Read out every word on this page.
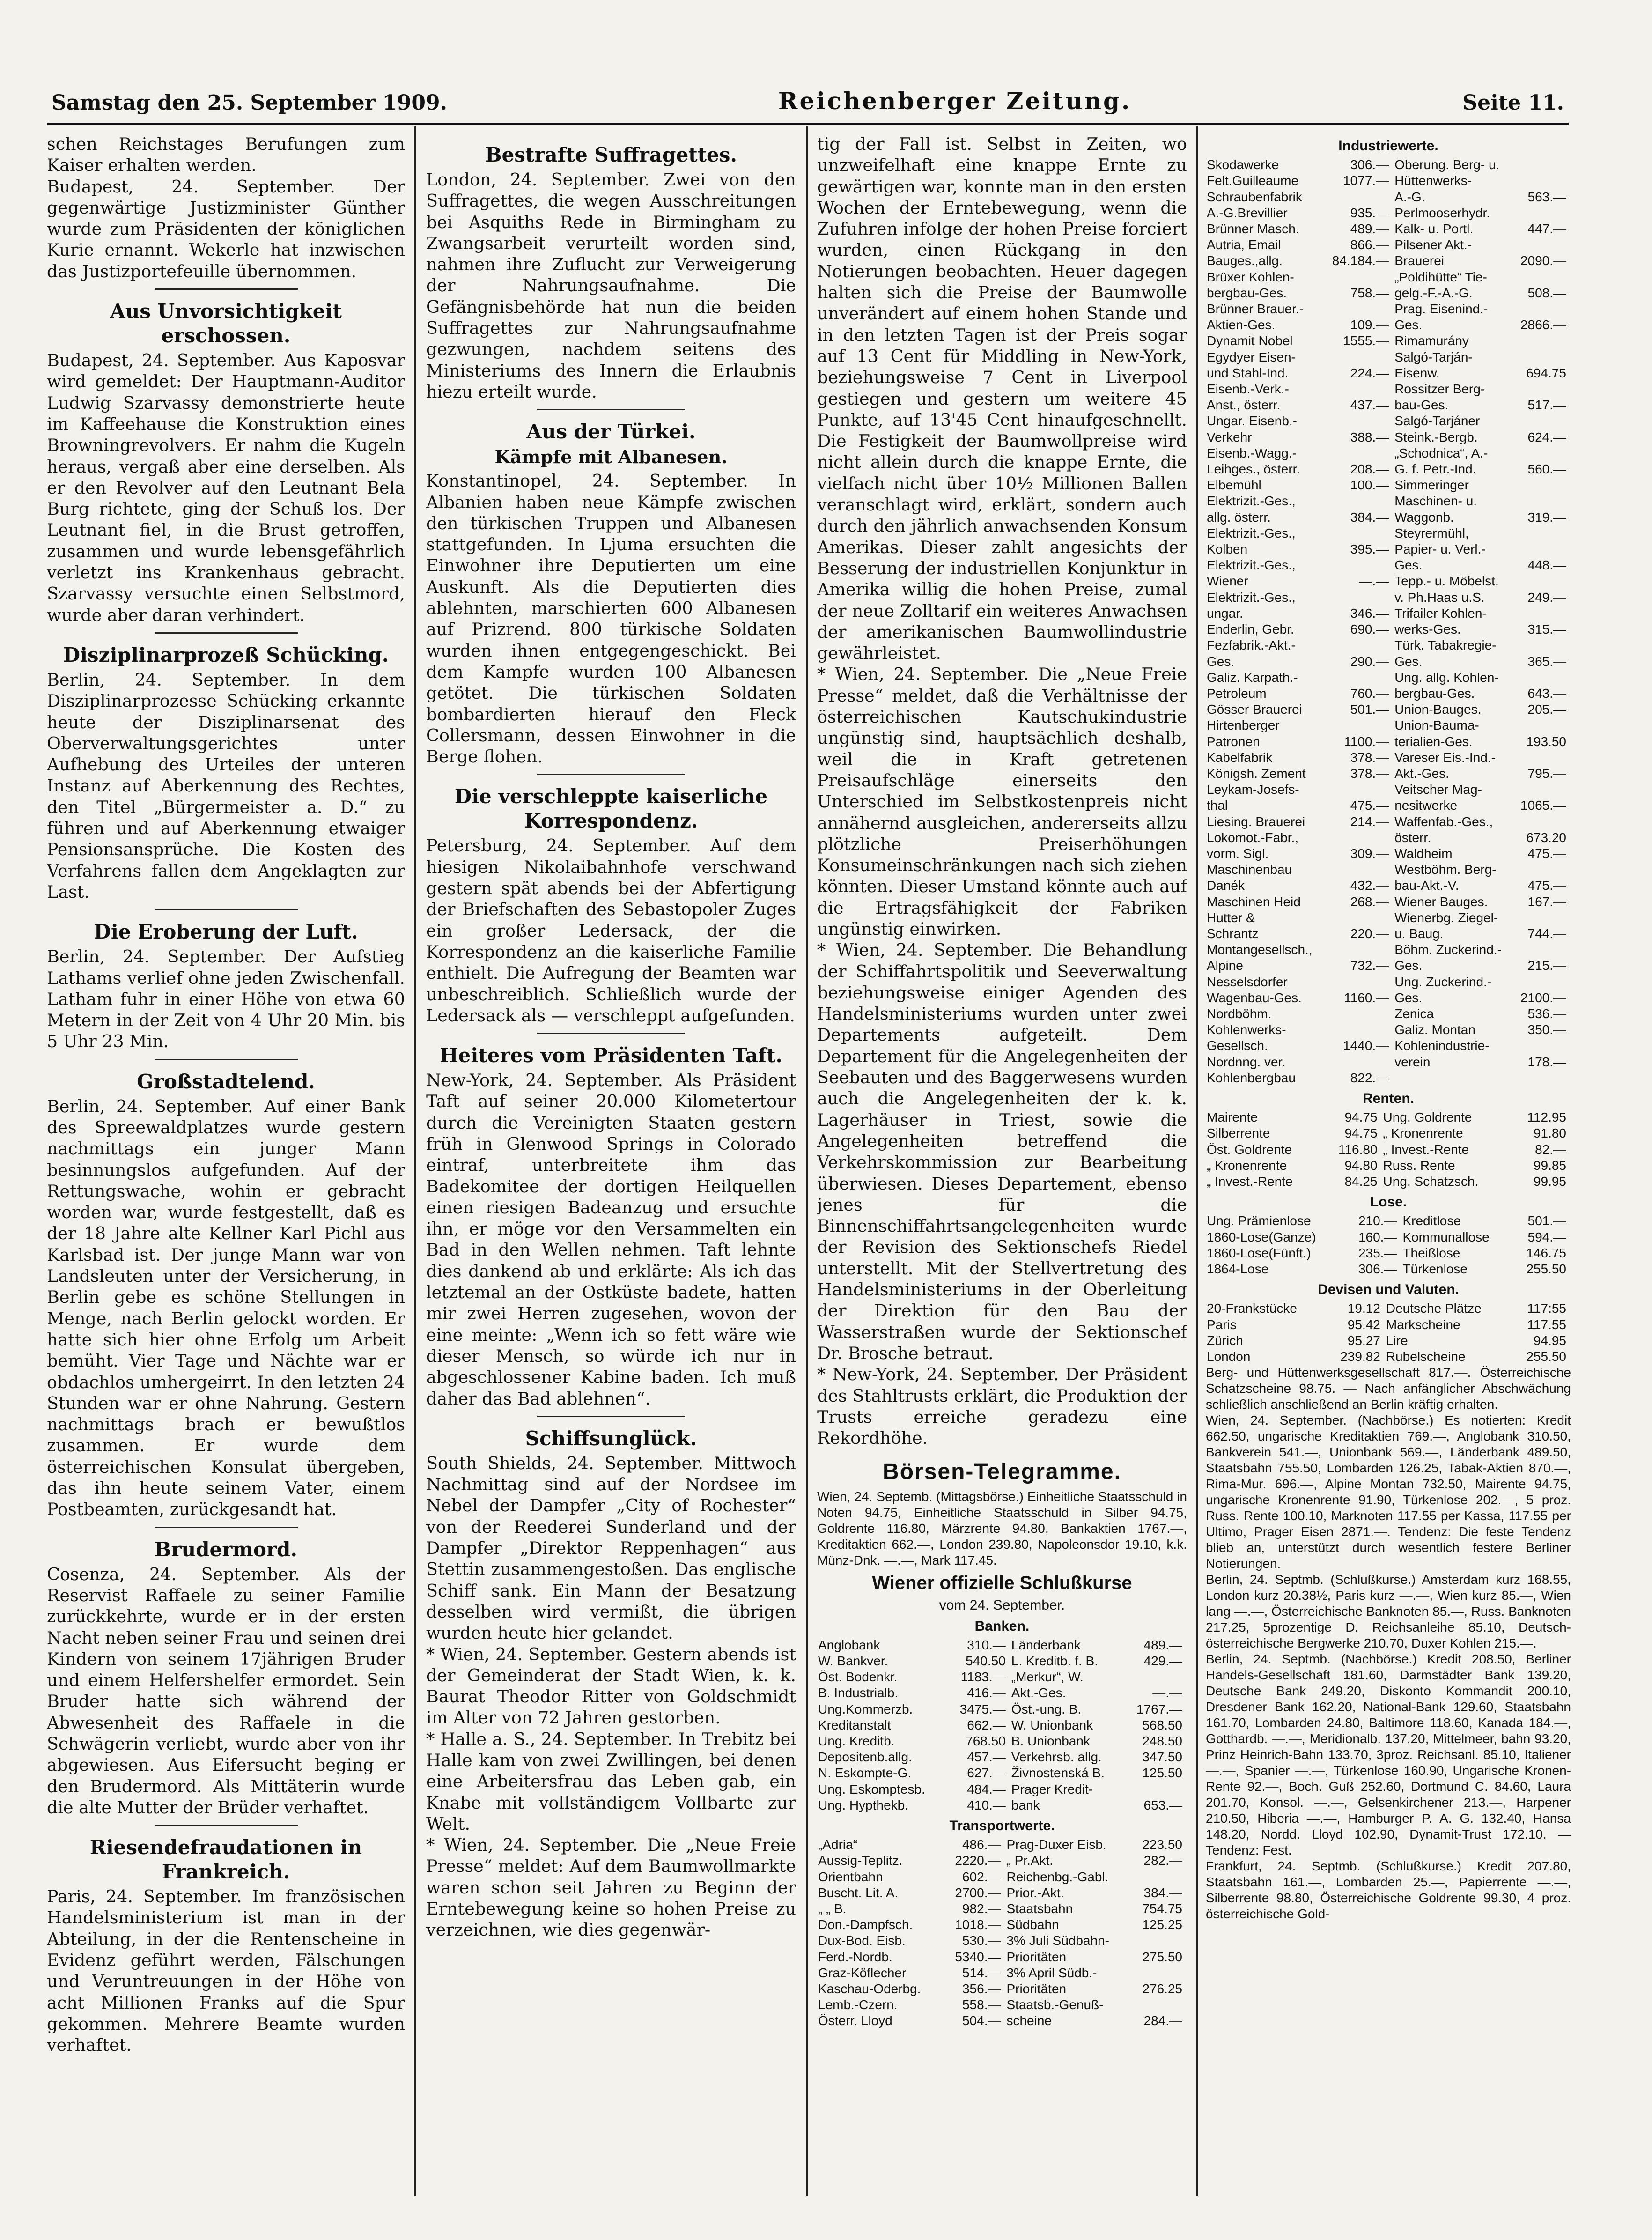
Samstag den 25. September 1909.	Reichenberger Zeitung.	Seite 11.

schen Reichstages Berufungen zum Kaiser erhalten werden.

Budapest, 24. September. Der gegenwärtige Justizminister Günther wurde zum Präsidenten der königlichen Kurie ernannt. Wekerle hat inzwischen das Justizportefeuille übernommen.

Aus Unvorsichtigkeit erschossen.

Budapest, 24. September. Aus Kaposvar wird gemeldet: Der Hauptmann-Auditor Ludwig Szarvassy demonstrierte heute im Kaffeehause die Konstruktion eines Browningrevolvers. Er nahm die Kugeln heraus, vergaß aber eine derselben. Als er den Revolver auf den Leutnant Bela Burg richtete, ging der Schuß los. Der Leutnant fiel, in die Brust getroffen, zusammen und wurde lebensgefährlich verletzt ins Krankenhaus gebracht. Szarvassy versuchte einen Selbstmord, wurde aber daran verhindert.

Disziplinarprozeß Schücking.

Berlin, 24. September. In dem Disziplinarprozesse Schücking erkannte heute der Disziplinarsenat des Oberverwaltungsgerichtes unter Aufhebung des Urteiles der unteren Instanz auf Aberkennung des Rechtes, den Titel „Bürgermeister a. D.“ zu führen und auf Aberkennung etwaiger Pensionsansprüche. Die Kosten des Verfahrens fallen dem Angeklagten zur Last.

Die Eroberung der Luft.

Berlin, 24. September. Der Aufstieg Lathams verlief ohne jeden Zwischenfall. Latham fuhr in einer Höhe von etwa 60 Metern in der Zeit von 4 Uhr 20 Min. bis 5 Uhr 23 Min.

Großstadtelend.

Berlin, 24. September. Auf einer Bank des Spreewaldplatzes wurde gestern nachmittags ein junger Mann besinnungslos aufgefunden. Auf der Rettungswache, wohin er gebracht worden war, wurde festgestellt, daß es der 18 Jahre alte Kellner Karl Pichl aus Karlsbad ist. Der junge Mann war von Landsleuten unter der Versicherung, in Berlin gebe es schöne Stellungen in Menge, nach Berlin gelockt worden. Er hatte sich hier ohne Erfolg um Arbeit bemüht. Vier Tage und Nächte war er obdachlos umhergeirrt. In den letzten 24 Stunden war er ohne Nahrung. Gestern nachmittags brach er bewußtlos zusammen. Er wurde dem österreichischen Konsulat übergeben, das ihn heute seinem Vater, einem Postbeamten, zurückgesandt hat.

Brudermord.

Cosenza, 24. September. Als der Reservist Raffaele zu seiner Familie zurückkehrte, wurde er in der ersten Nacht neben seiner Frau und seinen drei Kindern von seinem 17jährigen Bruder und einem Helfershelfer ermordet. Sein Bruder hatte sich während der Abwesenheit des Raffaele in die Schwägerin verliebt, wurde aber von ihr abgewiesen. Aus Eifersucht beging er den Brudermord. Als Mittäterin wurde die alte Mutter der Brüder verhaftet.

Riesendefraudationen in Frankreich.

Paris, 24. September. Im französischen Handelsministerium ist man in der Abteilung, in der die Rentenscheine in Evidenz geführt werden, Fälschungen und Veruntreuungen in der Höhe von acht Millionen Franks auf die Spur gekommen. Mehrere Beamte wurden verhaftet.

Bestrafte Suffragettes.

London, 24. September. Zwei von den Suffragettes, die wegen Ausschreitungen bei Asquiths Rede in Birmingham zu Zwangsarbeit verurteilt worden sind, nahmen ihre Zuflucht zur Verweigerung der Nahrungsaufnahme. Die Gefängnisbehörde hat nun die beiden Suffragettes zur Nahrungsaufnahme gezwungen, nachdem seitens des Ministeriums des Innern die Erlaubnis hiezu erteilt wurde.

Aus der Türkei.
Kämpfe mit Albanesen.

Konstantinopel, 24. September. In Albanien haben neue Kämpfe zwischen den türkischen Truppen und Albanesen stattgefunden. In Ljuma ersuchten die Einwohner ihre Deputierten um eine Auskunft. Als die Deputierten dies ablehnten, marschierten 600 Albanesen auf Prizrend. 800 türkische Soldaten wurden ihnen entgegengeschickt. Bei dem Kampfe wurden 100 Albanesen getötet. Die türkischen Soldaten bombardierten hierauf den Fleck Collersmann, dessen Einwohner in die Berge flohen.

Die verschleppte kaiserliche Korrespondenz.

Petersburg, 24. September. Auf dem hiesigen Nikolaibahnhofe verschwand gestern spät abends bei der Abfertigung der Briefschaften des Sebastopoler Zuges ein großer Ledersack, der die Korrespondenz an die kaiserliche Familie enthielt. Die Aufregung der Beamten war unbeschreiblich. Schließlich wurde der Ledersack als — verschleppt aufgefunden.

Heiteres vom Präsidenten Taft.

New-York, 24. September. Als Präsident Taft auf seiner 20.000 Kilometertour durch die Vereinigten Staaten gestern früh in Glenwood Springs in Colorado eintraf, unterbreitete ihm das Badekomitee der dortigen Heilquellen einen riesigen Badeanzug und ersuchte ihn, er möge vor den Versammelten ein Bad in den Wellen nehmen. Taft lehnte dies dankend ab und erklärte: Als ich das letztemal an der Ostküste badete, hatten mir zwei Herren zugesehen, wovon der eine meinte: „Wenn ich so fett wäre wie dieser Mensch, so würde ich nur in abgeschlossener Kabine baden. Ich muß daher das Bad ablehnen“.

Schiffsunglück.

South Shields, 24. September. Mittwoch Nachmittag sind auf der Nordsee im Nebel der Dampfer „City of Rochester“ von der Reederei Sunderland und der Dampfer „Direktor Reppenhagen“ aus Stettin zusammengestoßen. Das englische Schiff sank. Ein Mann der Besatzung desselben wird vermißt, die übrigen wurden heute hier gelandet.

* Wien, 24. September. Gestern abends ist der Gemeinderat der Stadt Wien, k. k. Baurat Theodor Ritter von Goldschmidt im Alter von 72 Jahren gestorben.

* Halle a. S., 24. September. In Trebitz bei Halle kam von zwei Zwillingen, bei denen eine Arbeitersfrau das Leben gab, ein Knabe mit vollständigem Vollbarte zur Welt.

* Wien, 24. September. Die „Neue Freie Presse“ meldet: Auf dem Baumwollmarkte waren schon seit Jahren zu Beginn der Erntebewegung keine so hohen Preise zu verzeichnen, wie dies gegenwär-

tig der Fall ist. Selbst in Zeiten, wo unzweifelhaft eine knappe Ernte zu gewärtigen war, konnte man in den ersten Wochen der Erntebewegung, wenn die Zufuhren infolge der hohen Preise forciert wurden, einen Rückgang in den Notierungen beobachten. Heuer dagegen halten sich die Preise der Baumwolle unverändert auf einem hohen Stande und in den letzten Tagen ist der Preis sogar auf 13 Cent für Middling in New-York, beziehungsweise 7 Cent in Liverpool gestiegen und gestern um weitere 45 Punkte, auf 13'45 Cent hinaufgeschnellt. Die Festigkeit der Baumwollpreise wird nicht allein durch die knappe Ernte, die vielfach nicht über 10½ Millionen Ballen veranschlagt wird, erklärt, sondern auch durch den jährlich anwachsenden Konsum Amerikas. Dieser zahlt angesichts der Besserung der industriellen Konjunktur in Amerika willig die hohen Preise, zumal der neue Zolltarif ein weiteres Anwachsen der amerikanischen Baumwollindustrie gewährleistet.

* Wien, 24. September. Die „Neue Freie Presse“ meldet, daß die Verhältnisse der österreichischen Kautschukindustrie ungünstig sind, hauptsächlich deshalb, weil die in Kraft getretenen Preisaufschläge einerseits den Unterschied im Selbstkostenpreis nicht annähernd ausgleichen, andererseits allzu plötzliche Preiserhöhungen Konsumeinschränkungen nach sich ziehen könnten. Dieser Umstand könnte auch auf die Ertragsfähigkeit der Fabriken ungünstig einwirken.

* Wien, 24. September. Die Behandlung der Schiffahrtspolitik und Seeverwaltung beziehungsweise einiger Agenden des Handelsministeriums wurden unter zwei Departements aufgeteilt. Dem Departement für die Angelegenheiten der Seebauten und des Baggerwesens wurden auch die Angelegenheiten der k. k. Lagerhäuser in Triest, sowie die Angelegenheiten betreffend die Verkehrskommission zur Bearbeitung überwiesen. Dieses Departement, ebenso jenes für die Binnenschiffahrtsangelegenheiten wurde der Revision des Sektionschefs Riedel unterstellt. Mit der Stellvertretung des Handelsministeriums in der Oberleitung der Direktion für den Bau der Wasserstraßen wurde der Sektionschef Dr. Brosche betraut.

* New-York, 24. September. Der Präsident des Stahltrusts erklärt, die Produktion der Trusts erreiche geradezu eine Rekordhöhe.

Börsen-Telegramme.

Wien, 24. Septemb. (Mittagsbörse.) Einheitliche Staatsschuld in Noten 94.75, Einheitliche Staatsschuld in Silber 94.75, Goldrente 116.80, Märzrente 94.80, Bankaktien 1767.—, Kreditaktien 662.—, London 239.80, Napoleonsdor 19.10, k.k. Münz-Dnk. —.—, Mark 117.45.

Wiener offizielle Schlußkurse
vom 24. September.
Banken.
Anglobank	310.—	Länderbank	489.—
W. Bankver.	540.50	L. Kreditb. f. B.	429.—
Öst. Bodenkr.	1183.—	„Merkur“, W.	
B. Industrialb.	416.—	Akt.-Ges.	—.—
Ung.Kommerzb.	3475.—	Öst.-ung. B.	1767.—
Kreditanstalt	662.—	W. Unionbank	568.50
Ung. Kreditb.	768.50	B. Unionbank	248.50
Depositenb.allg.	457.—	Verkehrsb. allg.	347.50
N. Eskompte-G.	627.—	Živnostenská B.	125.50
Ung. Eskomptesb.	484.—	Prager Kredit-	
Ung. Hypthekb.	410.—	bank	653.—
Transportwerte.
„Adria“	486.—	Prag-Duxer Eisb.	223.50
Aussig-Teplitz.	2220.—	„ Pr.Akt.	282.—
Orientbahn	602.—	Reichenbg.-Gabl.	
Buscht. Lit. A.	2700.—	Prior.-Akt.	384.—
„ „ B.	982.—	Staatsbahn	754.75
Don.-Dampfsch.	1018.—	Südbahn	125.25
Dux-Bod. Eisb.	530.—	3% Juli Südbahn-	
Ferd.-Nordb.	5340.—	Prioritäten	275.50
Graz-Köflecher	514.—	3% April Südb.-	
Kaschau-Oderbg.	356.—	Prioritäten	276.25
Lemb.-Czern.	558.—	Staatsb.-Genuß-	
Österr. Lloyd	504.—	scheine	284.—
Industriewerte.
Skodawerke	306.—	Oberung. Berg- u.	
Felt.Guilleaume	1077.—	Hüttenwerks-	
Schraubenfabrik		A.-G.	563.—
A.-G.Brevillier	935.—	Perlmooserhydr.	
Brünner Masch.	489.—	Kalk- u. Portl.	447.—
Autria, Email	866.—	Pilsener Akt.-	
Bauges.,allg.	84.184.—	Brauerei	2090.—
Brüxer Kohlen-		„Poldihütte“ Tie-	
bergbau-Ges.	758.—	gelg.-F.-A.-G.	508.—
Brünner Brauer.-		Prag. Eisenind.-	
Aktien-Ges.	109.—	Ges.	2866.—
Dynamit Nobel	1555.—	Rimamurány	
Egydyer Eisen-		Salgó-Tarján-	
und Stahl-Ind.	224.—	Eisenw.	694.75
Eisenb.-Verk.-		Rossitzer Berg-	
Anst., österr.	437.—	bau-Ges.	517.—
Ungar. Eisenb.-		Salgó-Tarjáner	
Verkehr	388.—	Steink.-Bergb.	624.—
Eisenb.-Wagg.-		„Schodnica“, A.-	
Leihges., österr.	208.—	G. f. Petr.-Ind.	560.—
Elbemühl	100.—	Simmeringer	
Elektrizit.-Ges.,		Maschinen- u.	
allg. österr.	384.—	Waggonb.	319.—
Elektrizit.-Ges.,		Steyrermühl,	
Kolben	395.—	Papier- u. Verl.-	
Elektrizit.-Ges.,		Ges.	448.—
Wiener	—.—	Tepp.- u. Möbelst.	
Elektrizit.-Ges.,		v. Ph.Haas u.S.	249.—
ungar.	346.—	Trifailer Kohlen-	
Enderlin, Gebr.	690.—	werks-Ges.	315.—
Fezfabrik.-Akt.-		Türk. Tabakregie-	
Ges.	290.—	Ges.	365.—
Galiz. Karpath.-		Ung. allg. Kohlen-	
Petroleum	760.—	bergbau-Ges.	643.—
Gösser Brauerei	501.—	Union-Bauges.	205.—
Hirtenberger		Union-Bauma-	
Patronen	1100.—	terialien-Ges.	193.50
Kabelfabrik	378.—	Vareser Eis.-Ind.-	
Königsh. Zement	378.—	Akt.-Ges.	795.—
Leykam-Josefs-		Veitscher Mag-	
thal	475.—	nesitwerke	1065.—
Liesing. Brauerei	214.—	Waffenfab.-Ges.,	
Lokomot.-Fabr.,		österr.	673.20
vorm. Sigl.	309.—	Waldheim	475.—
Maschinenbau		Westböhm. Berg-	
Danék	432.—	bau-Akt.-V.	475.—
Maschinen Heid	268.—	Wiener Bauges.	167.—
Hutter &		Wienerbg. Ziegel-	
Schrantz	220.—	u. Baug.	744.—
Montangesellsch.,		Böhm. Zuckerind.-	
Alpine	732.—	Ges.	215.—
Nesselsdorfer		Ung. Zuckerind.-	
Wagenbau-Ges.	1160.—	Ges.	2100.—
Nordböhm.		Zenica	536.—
Kohlenwerks-		Galiz. Montan	350.—
Gesellsch.	1440.—	Kohlenindustrie-	
Nordnng. ver.		verein	178.—
Kohlenbergbau	822.—		
Renten.
Mairente	94.75	Ung. Goldrente	112.95
Silberrente	94.75	„ Kronenrente	91.80
Öst. Goldrente	116.80	„ Invest.-Rente	82.—
„ Kronenrente	94.80	Russ. Rente	99.85
„ Invest.-Rente	84.25	Ung. Schatzsch.	99.95
Lose.
Ung. Prämienlose	210.—	Kreditlose	501.—
1860-Lose(Ganze)	160.—	Kommunallose	594.—
1860-Lose(Fünft.)	235.—	Theißlose	146.75
1864-Lose	306.—	Türkenlose	255.50
Devisen und Valuten.
20-Frankstücke	19.12	Deutsche Plätze	117:55
Paris	95.42	Markscheine	117.55
Zürich	95.27	Lire	94.95
London	239.82	Rubelscheine	255.50

Berg- und Hüttenwerksgesellschaft 817.—. Österreichische Schatzscheine 98.75. — Nach anfänglicher Abschwächung schließlich anschließend an Berlin kräftig erhalten.

Wien, 24. September. (Nachbörse.) Es notierten: Kredit 662.50, ungarische Kreditaktien 769.—, Anglobank 310.50, Bankverein 541.—, Unionbank 569.—, Länderbank 489.50, Staatsbahn 755.50, Lombarden 126.25, Tabak-Aktien 870.—, Rima-Mur. 696.—, Alpine Montan 732.50, Mairente 94.75, ungarische Kronenrente 91.90, Türkenlose 202.—, 5 proz. Russ. Rente 100.10, Marknoten 117.55 per Kassa, 117.55 per Ultimo, Prager Eisen 2871.—. Tendenz: Die feste Tendenz blieb an, unterstützt durch wesentlich festere Berliner Notierungen.

Berlin, 24. Septmb. (Schlußkurse.) Amsterdam kurz 168.55, London kurz 20.38½, Paris kurz —.—, Wien kurz 85.—, Wien lang —.—, Österreichische Banknoten 85.—, Russ. Banknoten 217.25, 5prozentige D. Reichsanleihe 85.10, Deutsch-österreichische Bergwerke 210.70, Duxer Kohlen 215.—.

Berlin, 24. Septmb. (Nachbörse.) Kredit 208.50, Berliner Handels-Gesellschaft 181.60, Darmstädter Bank 139.20, Deutsche Bank 249.20, Diskonto Kommandit 200.10, Dresdener Bank 162.20, National-Bank 129.60, Staatsbahn 161.70, Lombarden 24.80, Baltimore 118.60, Kanada 184.—, Gotthardb. —.—, Meridionalb. 137.20, Mittelmeer, bahn 93.20, Prinz Heinrich-Bahn 133.70, 3proz. Reichsanl. 85.10, Italiener —.—, Spanier —.—, Türkenlose 160.90, Ungarische Kronen-Rente 92.—, Boch. Guß 252.60, Dortmund C. 84.60, Laura 201.70, Konsol. —.—, Gelsenkirchener 213.—, Harpener 210.50, Hiberia —.—, Hamburger P. A. G. 132.40, Hansa 148.20, Nordd. Lloyd 102.90, Dynamit-Trust 172.10. — Tendenz: Fest.

Frankfurt, 24. Septmb. (Schlußkurse.) Kredit 207.80, Staatsbahn 161.—, Lombarden 25.—, Papierrente —.—, Silberrente 98.80, Österreichische Goldrente 99.30, 4 proz. österreichische Gold-
